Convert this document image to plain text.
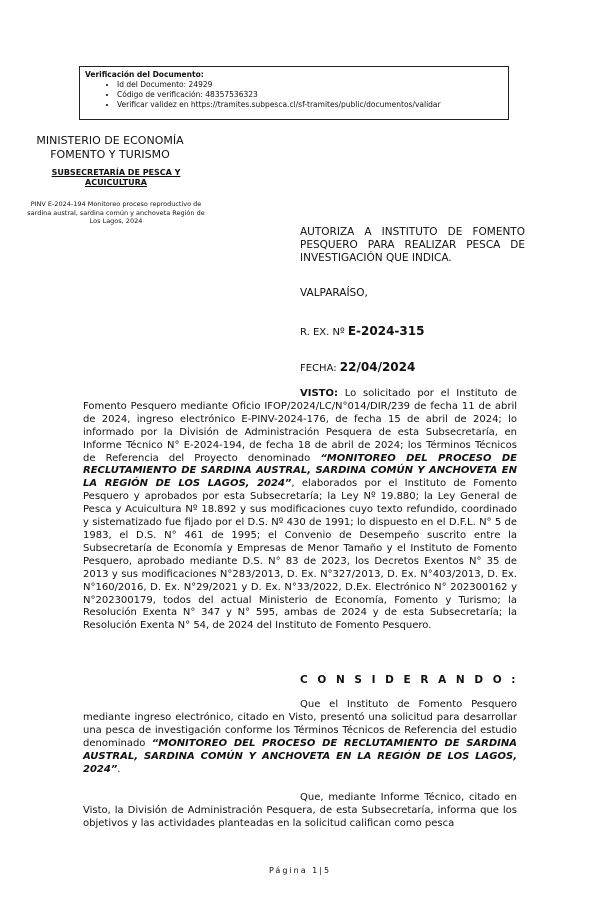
Verificación del Documento:
• Id del Documento: 24929
• Código de verificación: 48357536323
• Verificar validez en https://tramites.subpesca.cl/sf-tramites/public/documentos/validar
MINISTERIO DE ECONOMÍA
FOMENTO Y TURISMO
SUBSECRETARÍA DE PESCA Y
ACUICULTURA
PINV E-2024-194 Monitoreo proceso reproductivo de sardina austral, sardina común y anchoveta Región de Los Lagos, 2024
AUTORIZA A INSTITUTO DE FOMENTO PESQUERO PARA REALIZAR PESCA DE INVESTIGACIÓN QUE INDICA.
VALPARAÍSO,
R. EX. Nº E-2024-315
FECHA: 22/04/2024
VISTO: Lo solicitado por el Instituto de Fomento Pesquero mediante Oficio IFOP/2024/LC/N°014/DIR/239 de fecha 11 de abril de 2024, ingreso electrónico E-PINV-2024-176, de fecha 15 de abril de 2024; lo informado por la División de Administración Pesquera de esta Subsecretaría, en Informe Técnico N° E-2024-194, de fecha 18 de abril de 2024; los Términos Técnicos de Referencia del Proyecto denominado “MONITOREO DEL PROCESO DE RECLUTAMIENTO DE SARDINA AUSTRAL, SARDINA COMÚN Y ANCHOVETA EN LA REGIÓN DE LOS LAGOS, 2024”, elaborados por el Instituto de Fomento Pesquero y aprobados por esta Subsecretaría; la Ley Nº 19.880; la Ley General de Pesca y Acuicultura Nº 18.892 y sus modificaciones cuyo texto refundido, coordinado y sistematizado fue fijado por el D.S. Nº 430 de 1991; lo dispuesto en el D.F.L. N° 5 de 1983, el D.S. N° 461 de 1995; el Convenio de Desempeño suscrito entre la Subsecretaría de Economía y Empresas de Menor Tamaño y el Instituto de Fomento Pesquero, aprobado mediante D.S. N° 83 de 2023, los Decretos Exentos N° 35 de 2013 y sus modificaciones N°283/2013, D. Ex. N°327/2013, D. Ex. N°403/2013, D. Ex. N°160/2016, D. Ex. N°29/2021 y D. Ex. N°33/2022, D.Ex. Electrónico N° 202300162 y N°202300179, todos del actual Ministerio de Economía, Fomento y Turismo; la Resolución Exenta N° 347 y N° 595, ambas de 2024 y de esta Subsecretaría; la Resolución Exenta N° 54, de 2024 del Instituto de Fomento Pesquero.
C O N S I D E R A N D O :
Que el Instituto de Fomento Pesquero mediante ingreso electrónico, citado en Visto, presentó una solicitud para desarrollar una pesca de investigación conforme los Términos Técnicos de Referencia del estudio denominado “MONITOREO DEL PROCESO DE RECLUTAMIENTO DE SARDINA AUSTRAL, SARDINA COMÚN Y ANCHOVETA EN LA REGIÓN DE LOS LAGOS, 2024”.
Que, mediante Informe Técnico, citado en Visto, la División de Administración Pesquera, de esta Subsecretaría, informa que los objetivos y las actividades planteadas en la solicitud califican como pesca
Página 1|5
